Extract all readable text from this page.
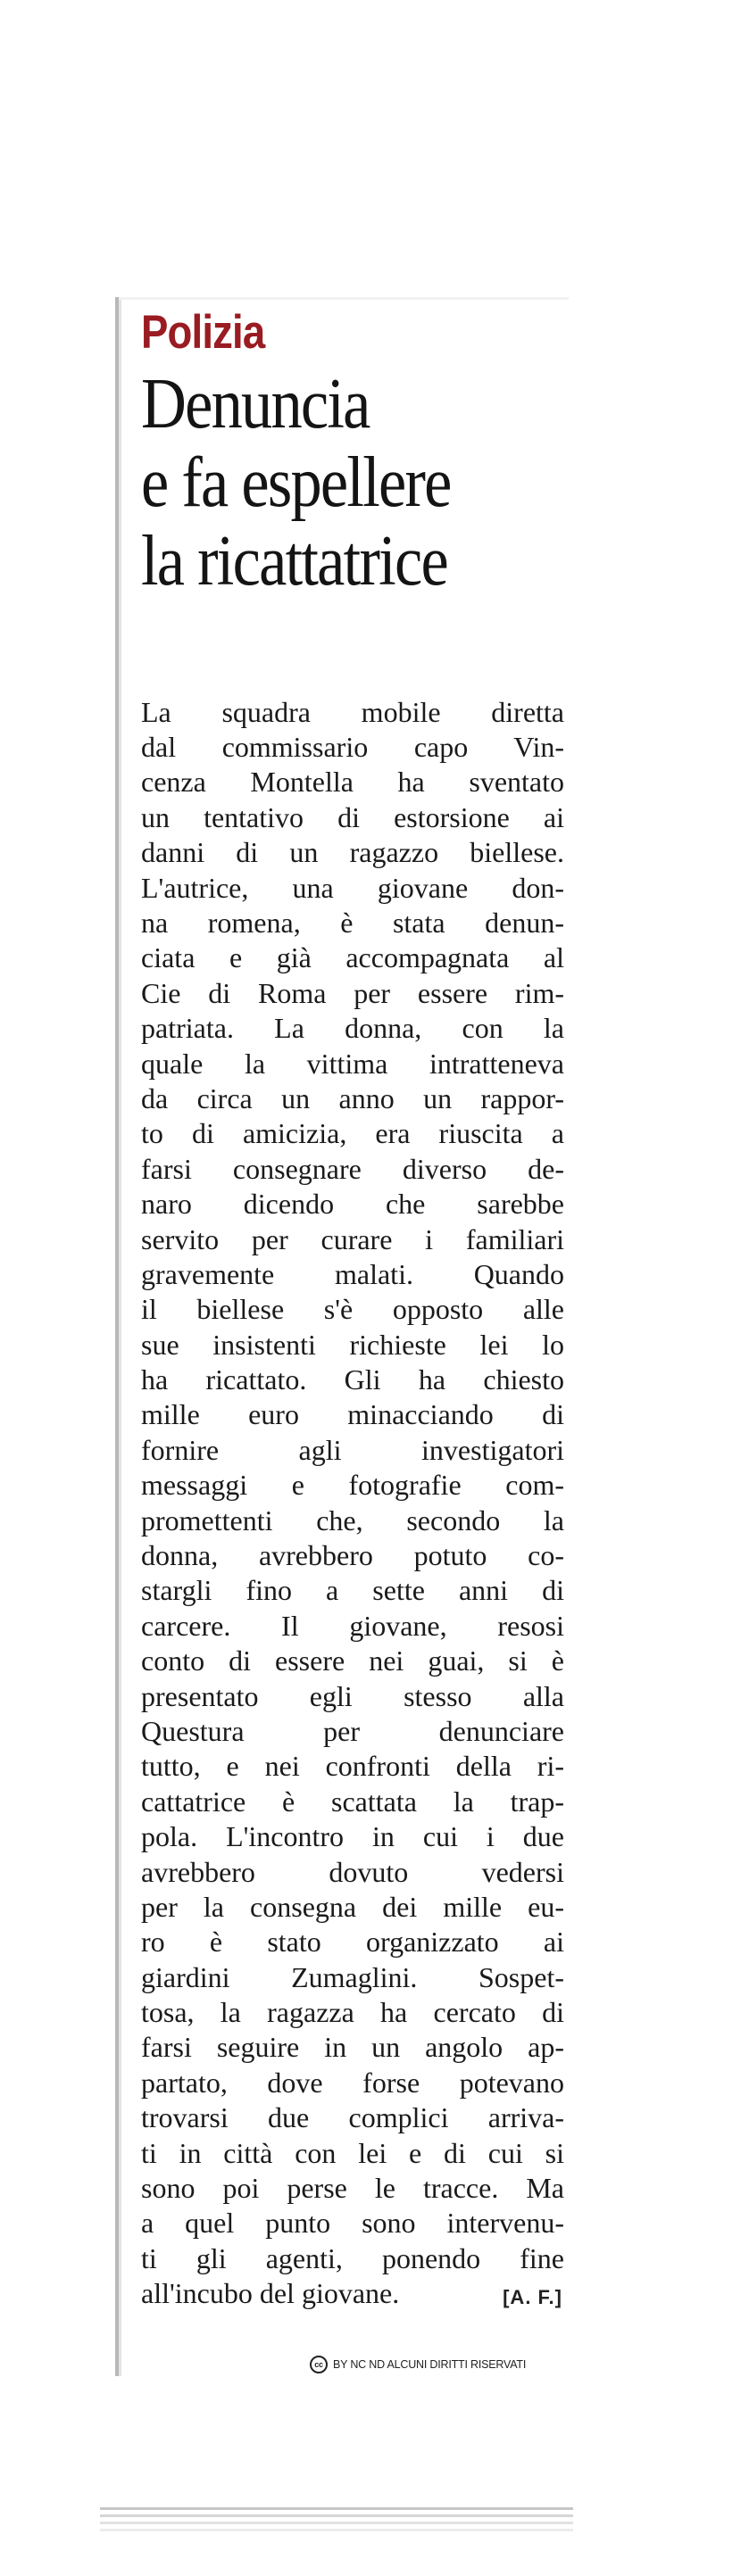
Polizia
Denuncia
e fa espellere
la ricattatrice
La squadra mobile diretta
dal commissario capo Vin-
cenza Montella ha sventato
un tentativo di estorsione ai
danni di un ragazzo biellese.
L'autrice, una giovane don-
na romena, è stata denun-
ciata e già accompagnata al
Cie di Roma per essere rim-
patriata. La donna, con la
quale la vittima intratteneva
da circa un anno un rappor-
to di amicizia, era riuscita a
farsi consegnare diverso de-
naro dicendo che sarebbe
servito per curare i familiari
gravemente malati. Quando
il biellese s'è opposto alle
sue insistenti richieste lei lo
ha ricattato. Gli ha chiesto
mille euro minacciando di
fornire agli investigatori
messaggi e fotografie com-
promettenti che, secondo la
donna, avrebbero potuto co-
stargli fino a sette anni di
carcere. Il giovane, resosi
conto di essere nei guai, si è
presentato egli stesso alla
Questura per denunciare
tutto, e nei confronti della ri-
cattatrice è scattata la trap-
pola. L'incontro in cui i due
avrebbero dovuto vedersi
per la consegna dei mille eu-
ro è stato organizzato ai
giardini Zumaglini. Sospet-
tosa, la ragazza ha cercato di
farsi seguire in un angolo ap-
partato, dove forse potevano
trovarsi due complici arriva-
ti in città con lei e di cui si
sono poi perse le tracce. Ma
a quel punto sono intervenu-
ti gli agenti, ponendo fine
all'incubo del giovane.	[A. F.]
cc BY NC ND ALCUNI DIRITTI RISERVATI
